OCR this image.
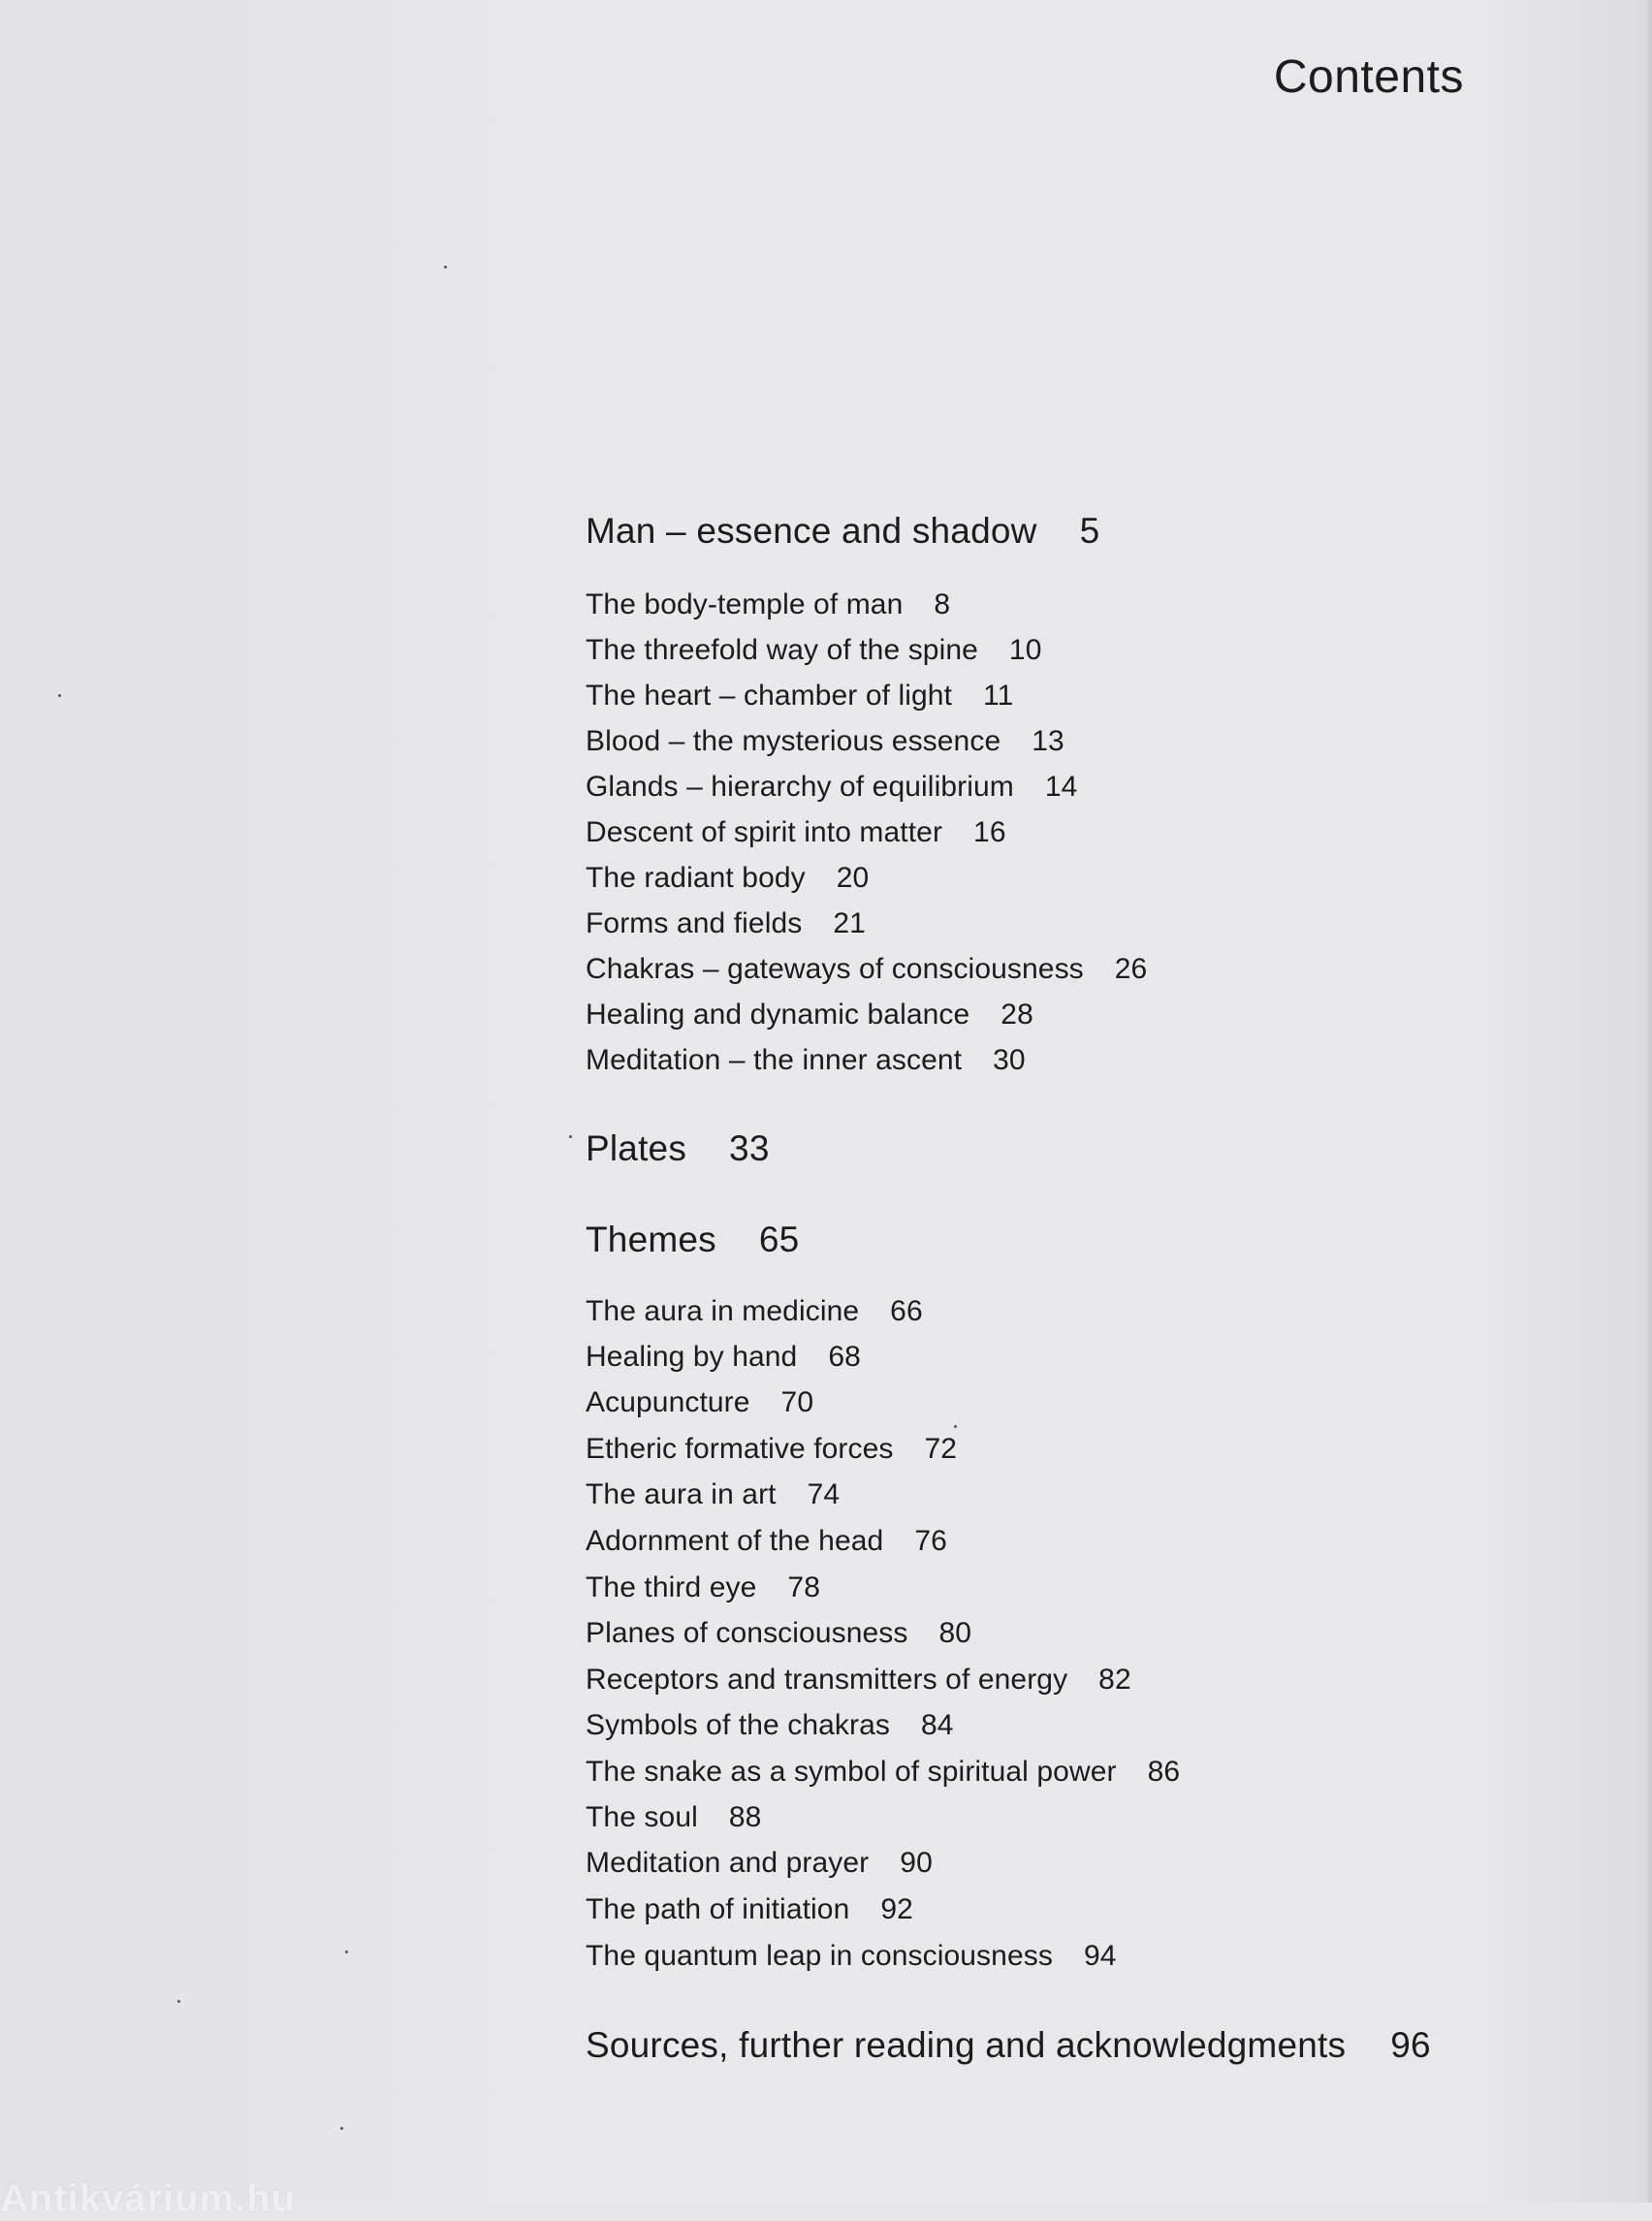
Contents
Man – essence and shadow 5
The body-temple of man 8
The threefold way of the spine 10
The heart – chamber of light 11
Blood – the mysterious essence 13
Glands – hierarchy of equilibrium 14
Descent of spirit into matter 16
The radiant body 20
Forms and fields 21
Chakras – gateways of consciousness 26
Healing and dynamic balance 28
Meditation – the inner ascent 30
Plates 33
Themes 65
The aura in medicine 66
Healing by hand 68
Acupuncture 70
Etheric formative forces 72
The aura in art 74
Adornment of the head 76
The third eye 78
Planes of consciousness 80
Receptors and transmitters of energy 82
Symbols of the chakras 84
The snake as a symbol of spiritual power 86
The soul 88
Meditation and prayer 90
The path of initiation 92
The quantum leap in consciousness 94
Sources, further reading and acknowledgments 96
Antikvárium.hu
